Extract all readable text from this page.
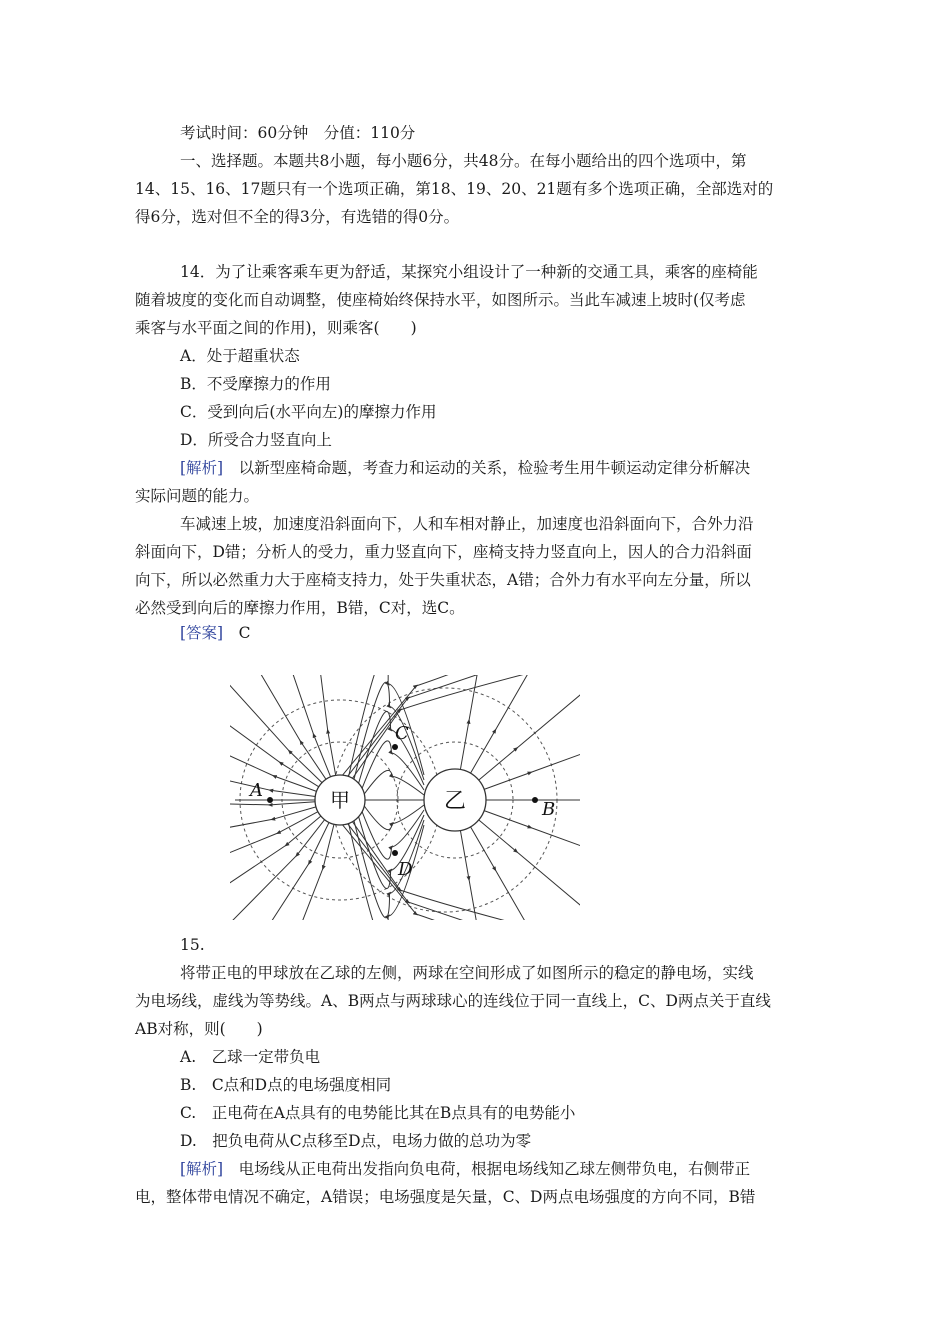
考试时间：60分钟　分值：110分
一、选择题。本题共8小题，每小题6分，共48分。在每小题给出的四个选项中，第
14、15、16、17题只有一个选项正确，第18、19、20、21题有多个选项正确，全部选对的
得6分，选对但不全的得3分，有选错的得0分。
14．为了让乘客乘车更为舒适，某探究小组设计了一种新的交通工具，乘客的座椅能
随着坡度的变化而自动调整，使座椅始终保持水平，如图所示。当此车减速上坡时(仅考虑
乘客与水平面之间的作用)，则乘客(　　)
A．处于超重状态
B．不受摩擦力的作用
C．受到向后(水平向左)的摩擦力作用
D．所受合力竖直向上
[解析]　以新型座椅命题，考查力和运动的关系，检验考生用牛顿运动定律分析解决
实际问题的能力。
车减速上坡，加速度沿斜面向下，人和车相对静止，加速度也沿斜面向下，合外力沿
斜面向下，D错；分析人的受力，重力竖直向下，座椅支持力竖直向上，因人的合力沿斜面
向下，所以必然重力大于座椅支持力，处于失重状态，A错；合外力有水平向左分量，所以
必然受到向后的摩擦力作用，B错，C对，选C。
[答案]　C
甲	乙
A
B
C
D
15.
将带正电的甲球放在乙球的左侧，两球在空间形成了如图所示的稳定的静电场，实线
为电场线，虚线为等势线。A、B两点与两球球心的连线位于同一直线上，C、D两点关于直线
AB对称，则(　　)
A.　乙球一定带负电
B.　C点和D点的电场强度相同
C.　正电荷在A点具有的电势能比其在B点具有的电势能小
D.　把负电荷从C点移至D点，电场力做的总功为零
[解析]　电场线从正电荷出发指向负电荷，根据电场线知乙球左侧带负电，右侧带正
电，整体带电情况不确定，A错误；电场强度是矢量，C、D两点电场强度的方向不同，B错
